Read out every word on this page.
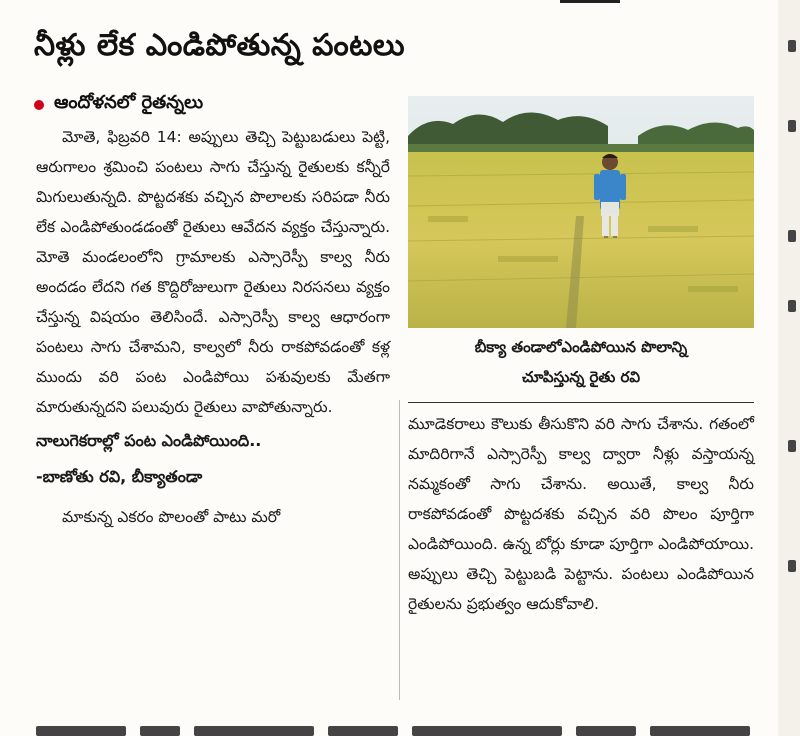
నీళ్లు లేక ఎండిపోతున్న పంటలు
ఆందోళనలో రైతన్నలు

మోతె, ఫిబ్రవరి 14: అప్పులు తెచ్చి పెట్టుబడులు పెట్టి, ఆరుగాలం శ్రమించి పంటలు సాగు చేస్తున్న రైతులకు కన్నీరే మిగులుతున్నది. పొట్టదశకు వచ్చిన పొలాలకు సరిపడా నీరు లేక ఎండిపోతుండడంతో రైతులు ఆవేదన వ్యక్తం చేస్తున్నారు. మోతె మండలంలోని గ్రామాలకు ఎస్సారెస్పీ కాల్వ నీరు అందడం లేదని గత కొద్దిరోజులుగా రైతులు నిరసనలు వ్యక్తం చేస్తున్న విషయం తెలిసిందే. ఎస్సారెస్పీ కాల్వ ఆధారంగా పంటలు సాగు చేశామని, కాల్వలో నీరు రాకపోవడంతో కళ్ల ముందు వరి పంట ఎండిపోయి పశువులకు మేతగా మారుతున్నదని పలువురు రైతులు వాపోతున్నారు.

నాలుగెకరాల్లో పంట ఎండిపోయింది..
-బాణోతు రవి, బీక్యాతండా

మాకున్న ఎకరం పొలంతో పాటు మరో

బీక్యా తండాలోఎండిపోయిన పొలాన్ని
చూపిస్తున్న రైతు రవి

మూడెకరాలు కౌలుకు తీసుకొని వరి సాగు చేశాను. గతంలో మాదిరిగానే ఎస్సారెస్పీ కాల్వ ద్వారా నీళ్లు వస్తాయన్న నమ్మకంతో సాగు చేశాను. అయితే, కాల్వ నీరు రాకపోవడంతో పొట్టదశకు వచ్చిన వరి పొలం పూర్తిగా ఎండిపోయింది. ఉన్న బోర్లు కూడా పూర్తిగా ఎండిపోయాయి. అప్పులు తెచ్చి పెట్టుబడి పెట్టాను. పంటలు ఎండిపోయిన రైతులను ప్రభుత్వం ఆదుకోవాలి.
